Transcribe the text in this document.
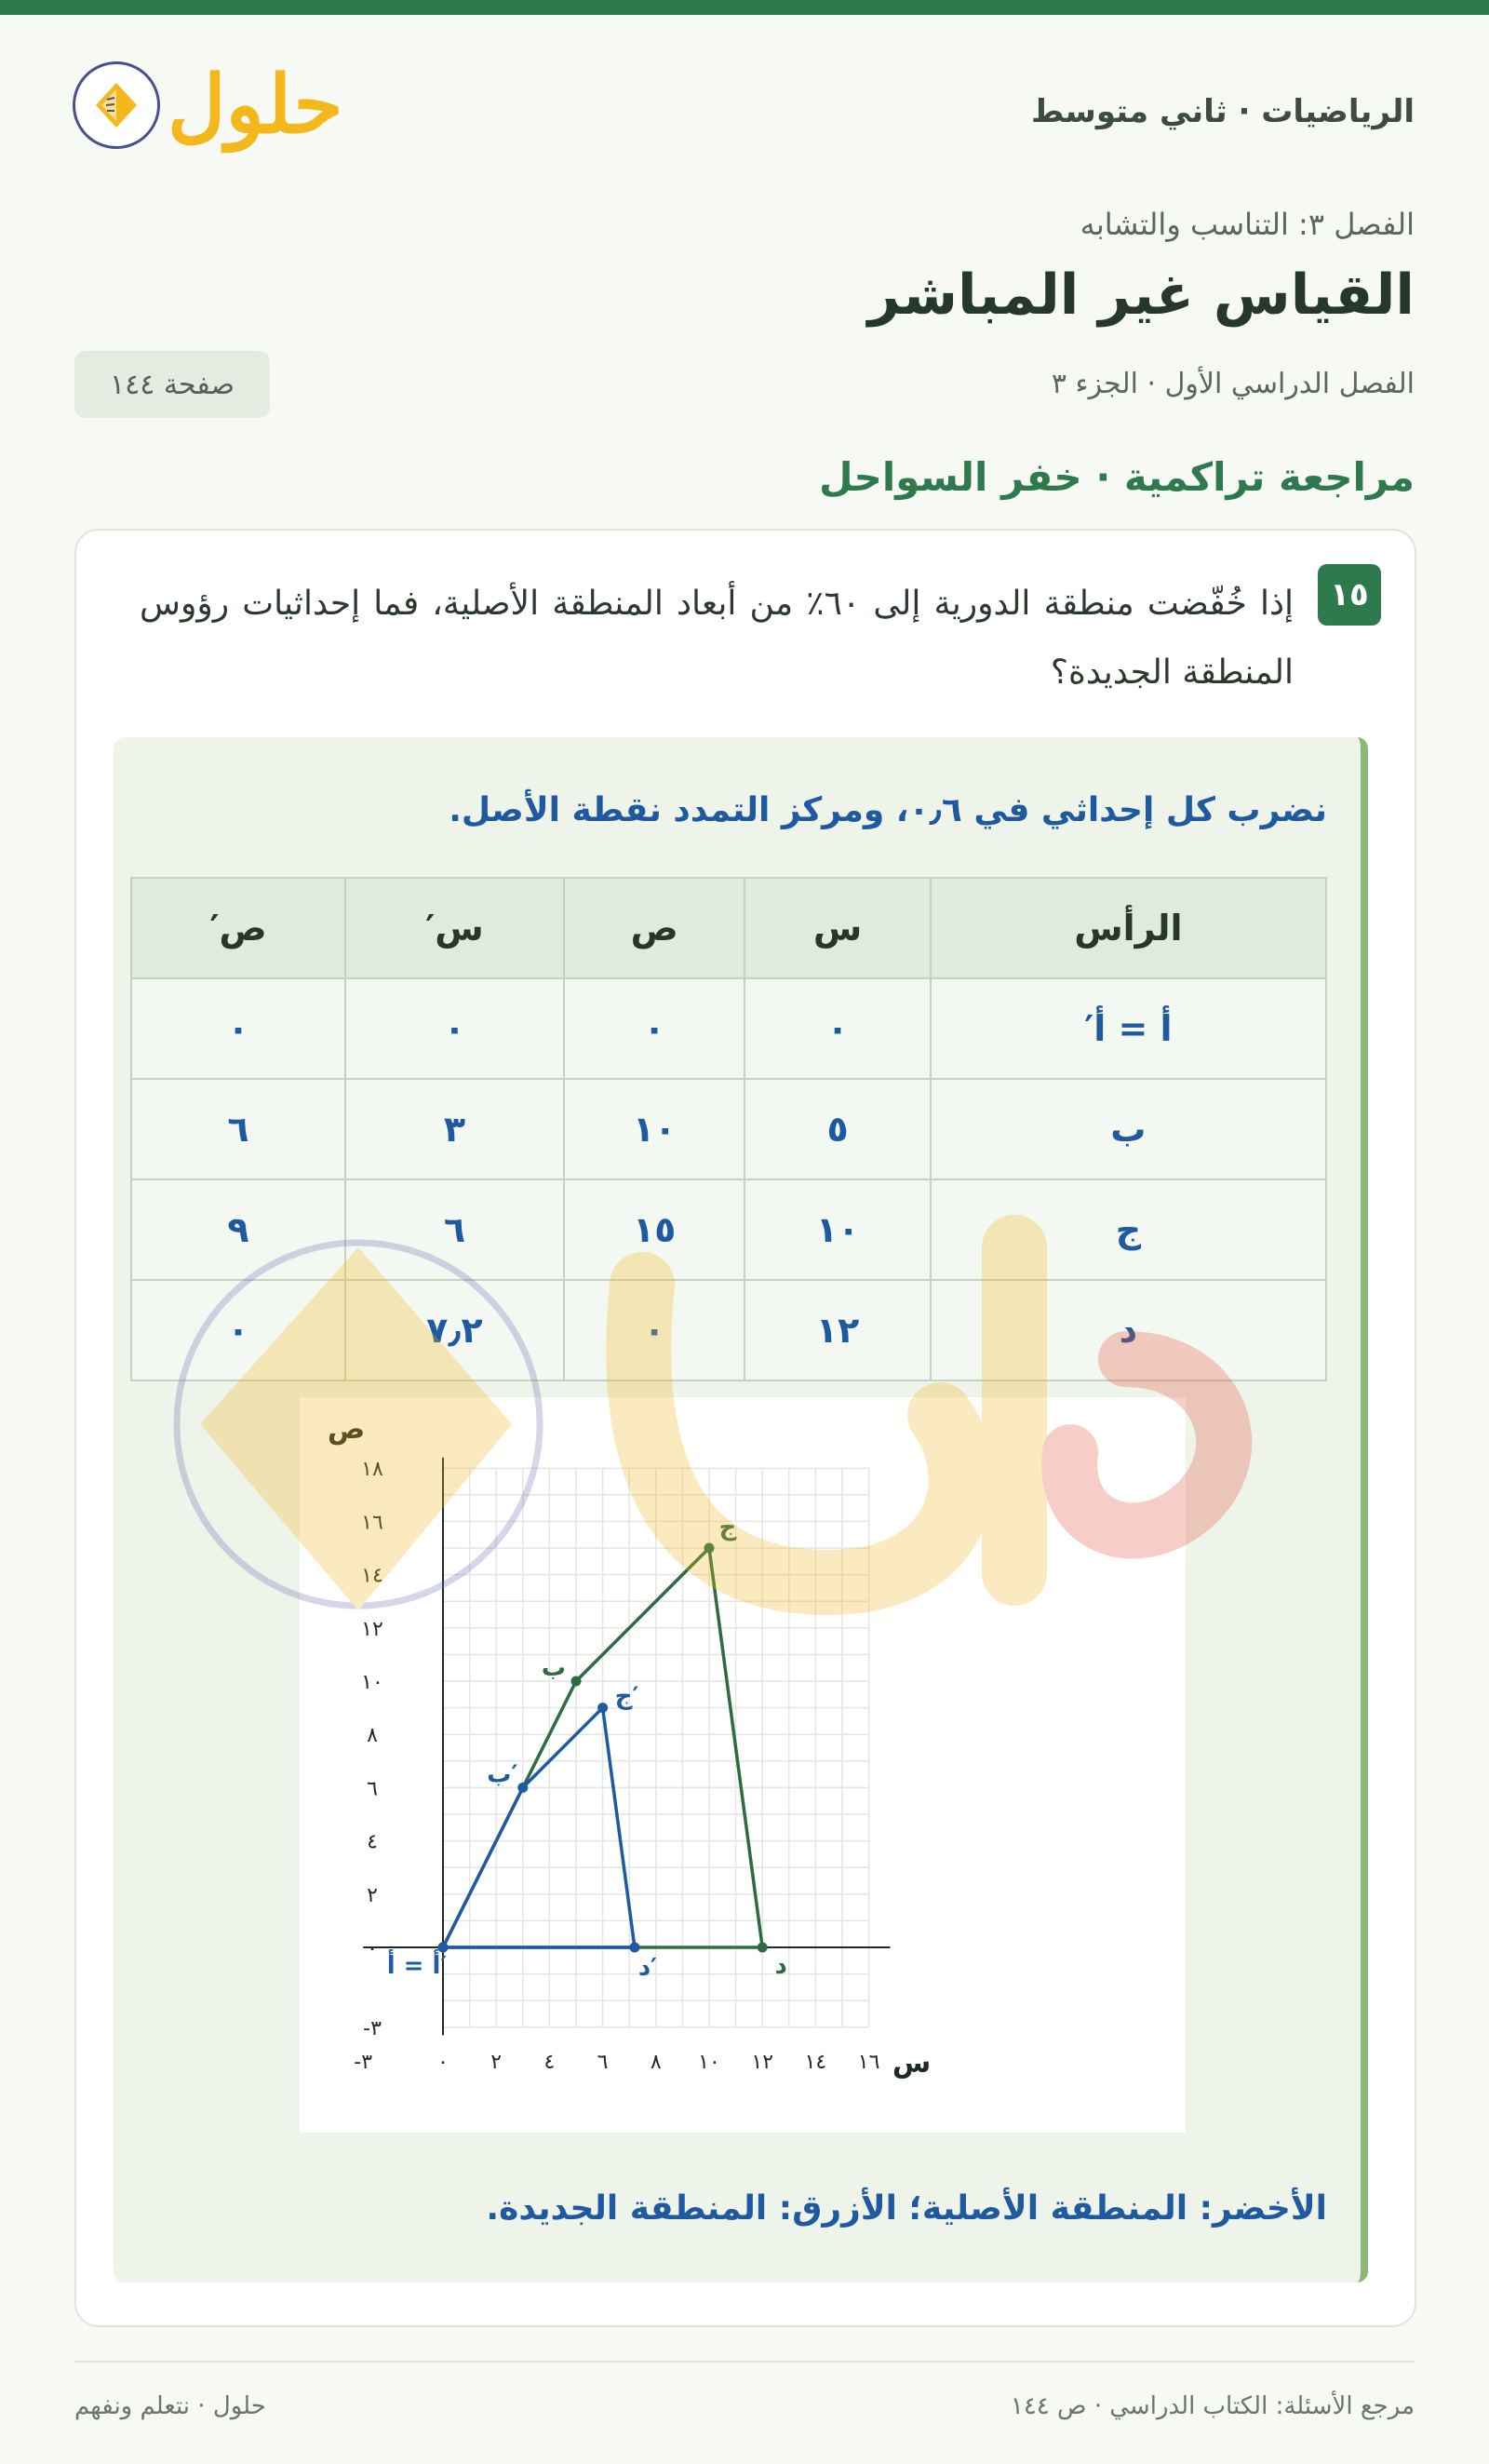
حلول	الرياضيات · ثاني متوسط
الفصل ٣: التناسب والتشابه
القياس غير المباشر
الفصل الدراسي الأول · الجزء ٣
صفحة ١٤٤
مراجعة تراكمية · خفر السواحل
١٥
إذا خُفّضت منطقة الدورية إلى ٦٠٪ من أبعاد المنطقة الأصلية، فما إحداثيات رؤوس المنطقة الجديدة؟
نضرب كل إحداثي في ٠٫٦، ومركز التمدد نقطة الأصل.
الرأس	س	ص	س′	ص′
أ = أ′	٠	٠	٠	٠
ب	٥	١٠	٣	٦
ج	١٠	١٥	٦	٩
د	١٢	٠	٧٫٢	٠
-٣	٠ ٢ ٤ ٦ ٨ ١٠ ١٢ ١٤ ١٦
-٣
٠
٢
٤
٦
٨
١٠
١٢
١٤
١٦
١٨
س
ص
ب
ج
د
أ = أ′
ب′
ج′
د′
الأخضر: المنطقة الأصلية؛ الأزرق: المنطقة الجديدة.
حلول · نتعلم ونفهم	مرجع الأسئلة: الكتاب الدراسي · ص ١٤٤
